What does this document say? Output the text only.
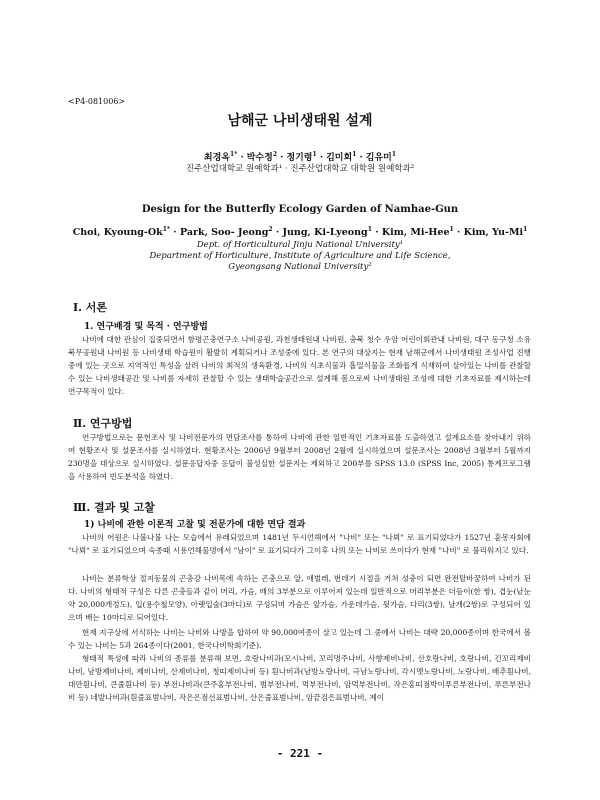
<P4-081006>
남해군 나비생태원 설계
최경옥$^{1*}$ · 박수정$^2$ · 정기령$^1$ · 김미희$^1$ · 김유미$^1$
진주산업대학교 원예학과¹ · 진주산업대학교 대학원 원예학과²
Design for the Butterfly Ecology Garden of Namhae-Gun
Choi, Kyoung-$Ok^{1*}$ · Park, Soo- Jeong$^2$ · Jung, Ki-Lyeong$^1$ · Kim, Mi-Hee$^1$ · Kim, Yu-Mi$^1$
Dept. of Horticultural Jinju National University¹
Department of Horticulture, Institute of Agriculture and Life Science,
Gyeongsang National University²
Ⅰ. 서론
1. 연구배경 및 목적 · 연구방법

나비에 대한 관심이 집중되면서 함평곤충연구소 나비공원, 과천생태원내 나비원, 충북 청수 우암 어린이회관내 나비원, 대구 동구청 소유 북무공원내 나비원 등 나비생태 학습원이 활발히 계획되거나 조성중에 있다. 본 연구의 대상지는 현재 남해군에서 나비생태원 조성사업 진행중에 있는 곳으로 지역적인 특성을 살려 나비의 최적의 생육환경, 나비의 식초식물과 흡밀식물을 조화롭게 식재하여 살아있는 나비를 관찰할 수 있는 나비생태공간 및 나비를 자세히 관찰할 수 있는 생태학습공간으로 설계해 봄으로써 나비생태원 조성에 대한 기초자료를 제시하는데 연구목적이 있다.

Ⅱ. 연구방법

연구방법으로는 문헌조사 및 나비전문가의 면담조사를 통하여 나비에 관한 일반적인 기초자료를 도출하였고 설계요소를 찾아내기 위하여 현황조사 및 설문조사를 실시하였다. 현황조사는 2006년 9월부터 2008년 2월에 실시하였으며 설문조사는 2008년 3월부터 5월까지 230명을 대상으로 실시하였다. 설문응답자중 응답이 불성실한 설문지는 제외하고 200부를 SPSS 13.0 (SPSS Inc, 2005) 통계프로그램을 사용하여 빈도분석을 하였다.

Ⅲ. 결과 및 고찰
1) 나비에 관한 이론적 고찰 및 전문가에 대한 면담 결과

나비의 어원은 나불나불 나는 모습에서 유래되었으며 1481년 두시언해에서 "나비" 또는 "나뵈" 로 표기되었다가 1527년 훈몽자회에 "나뵈" 로 표기되었으며 숙종때 시용언해물명에서 "남이" 로 표기되다가 그이후 나븨 또는 나비로 쓰이다가 현재 "나비" 로 불리워지고 있다.

나비는 분류학상 절지동물의 곤충강 나비목에 속하는 곤충으로 알, 애벌레, 번데기 시절을 거쳐 성충이 되면 완전탈바꿈하여 나비가 된다. 나비의 형태적 구성은 다른 곤충들과 같이 머리, 가슴, 배의 3부분으로 이루어져 있는데 일반적으로 머리부분은 더듬이(한 쌍), 겹눈(낱눈 약 20,000개정도), 입(용수철모양), 아랫입술(3마디)로 구성되며 가슴은 앞가슴, 가운데가슴, 뒷가슴, 다리(3쌍), 날개(2쌍)로 구성되어 있으며 배는 10마디로 되어있다.

현재 지구상에 서식하는 나비는 나비와 나방을 합하여 약 90,000여종이 살고 있는데 그 중에서 나비는 대략 20,000종이며 한국에서 볼 수 있는 나비는 5과 264종이다(2001, 한국나비학회기준).

형태적 특성에 따라 나비의 종류를 분류해 보면, 호랑나비과(모시나비, 꼬리명주나비, 사향제비나비, 산호랑나비, 호랑나비, 긴꼬리제비나비, 남방제비나비, 제비나비, 산제비나비, 청띠제비나비 등) 흰나비과(남방노랑나비, 극남노랑나비, 각시멧노랑나비, 노랑나비, 배추흰나비, 대만흰나비, 큰줄흰나비 등) 부전나비과(큰주홍부전나비, 범부전나비, 먹부전나비, 암먹부전나비, 작은홍띠점박이푸른부전나비, 푸른부전나비 등) 네발나비과(흰줄표범나비, 작은은점선표범나비, 산은줄표범나비, 암끝검은표범나비, 제이

- 221 -
